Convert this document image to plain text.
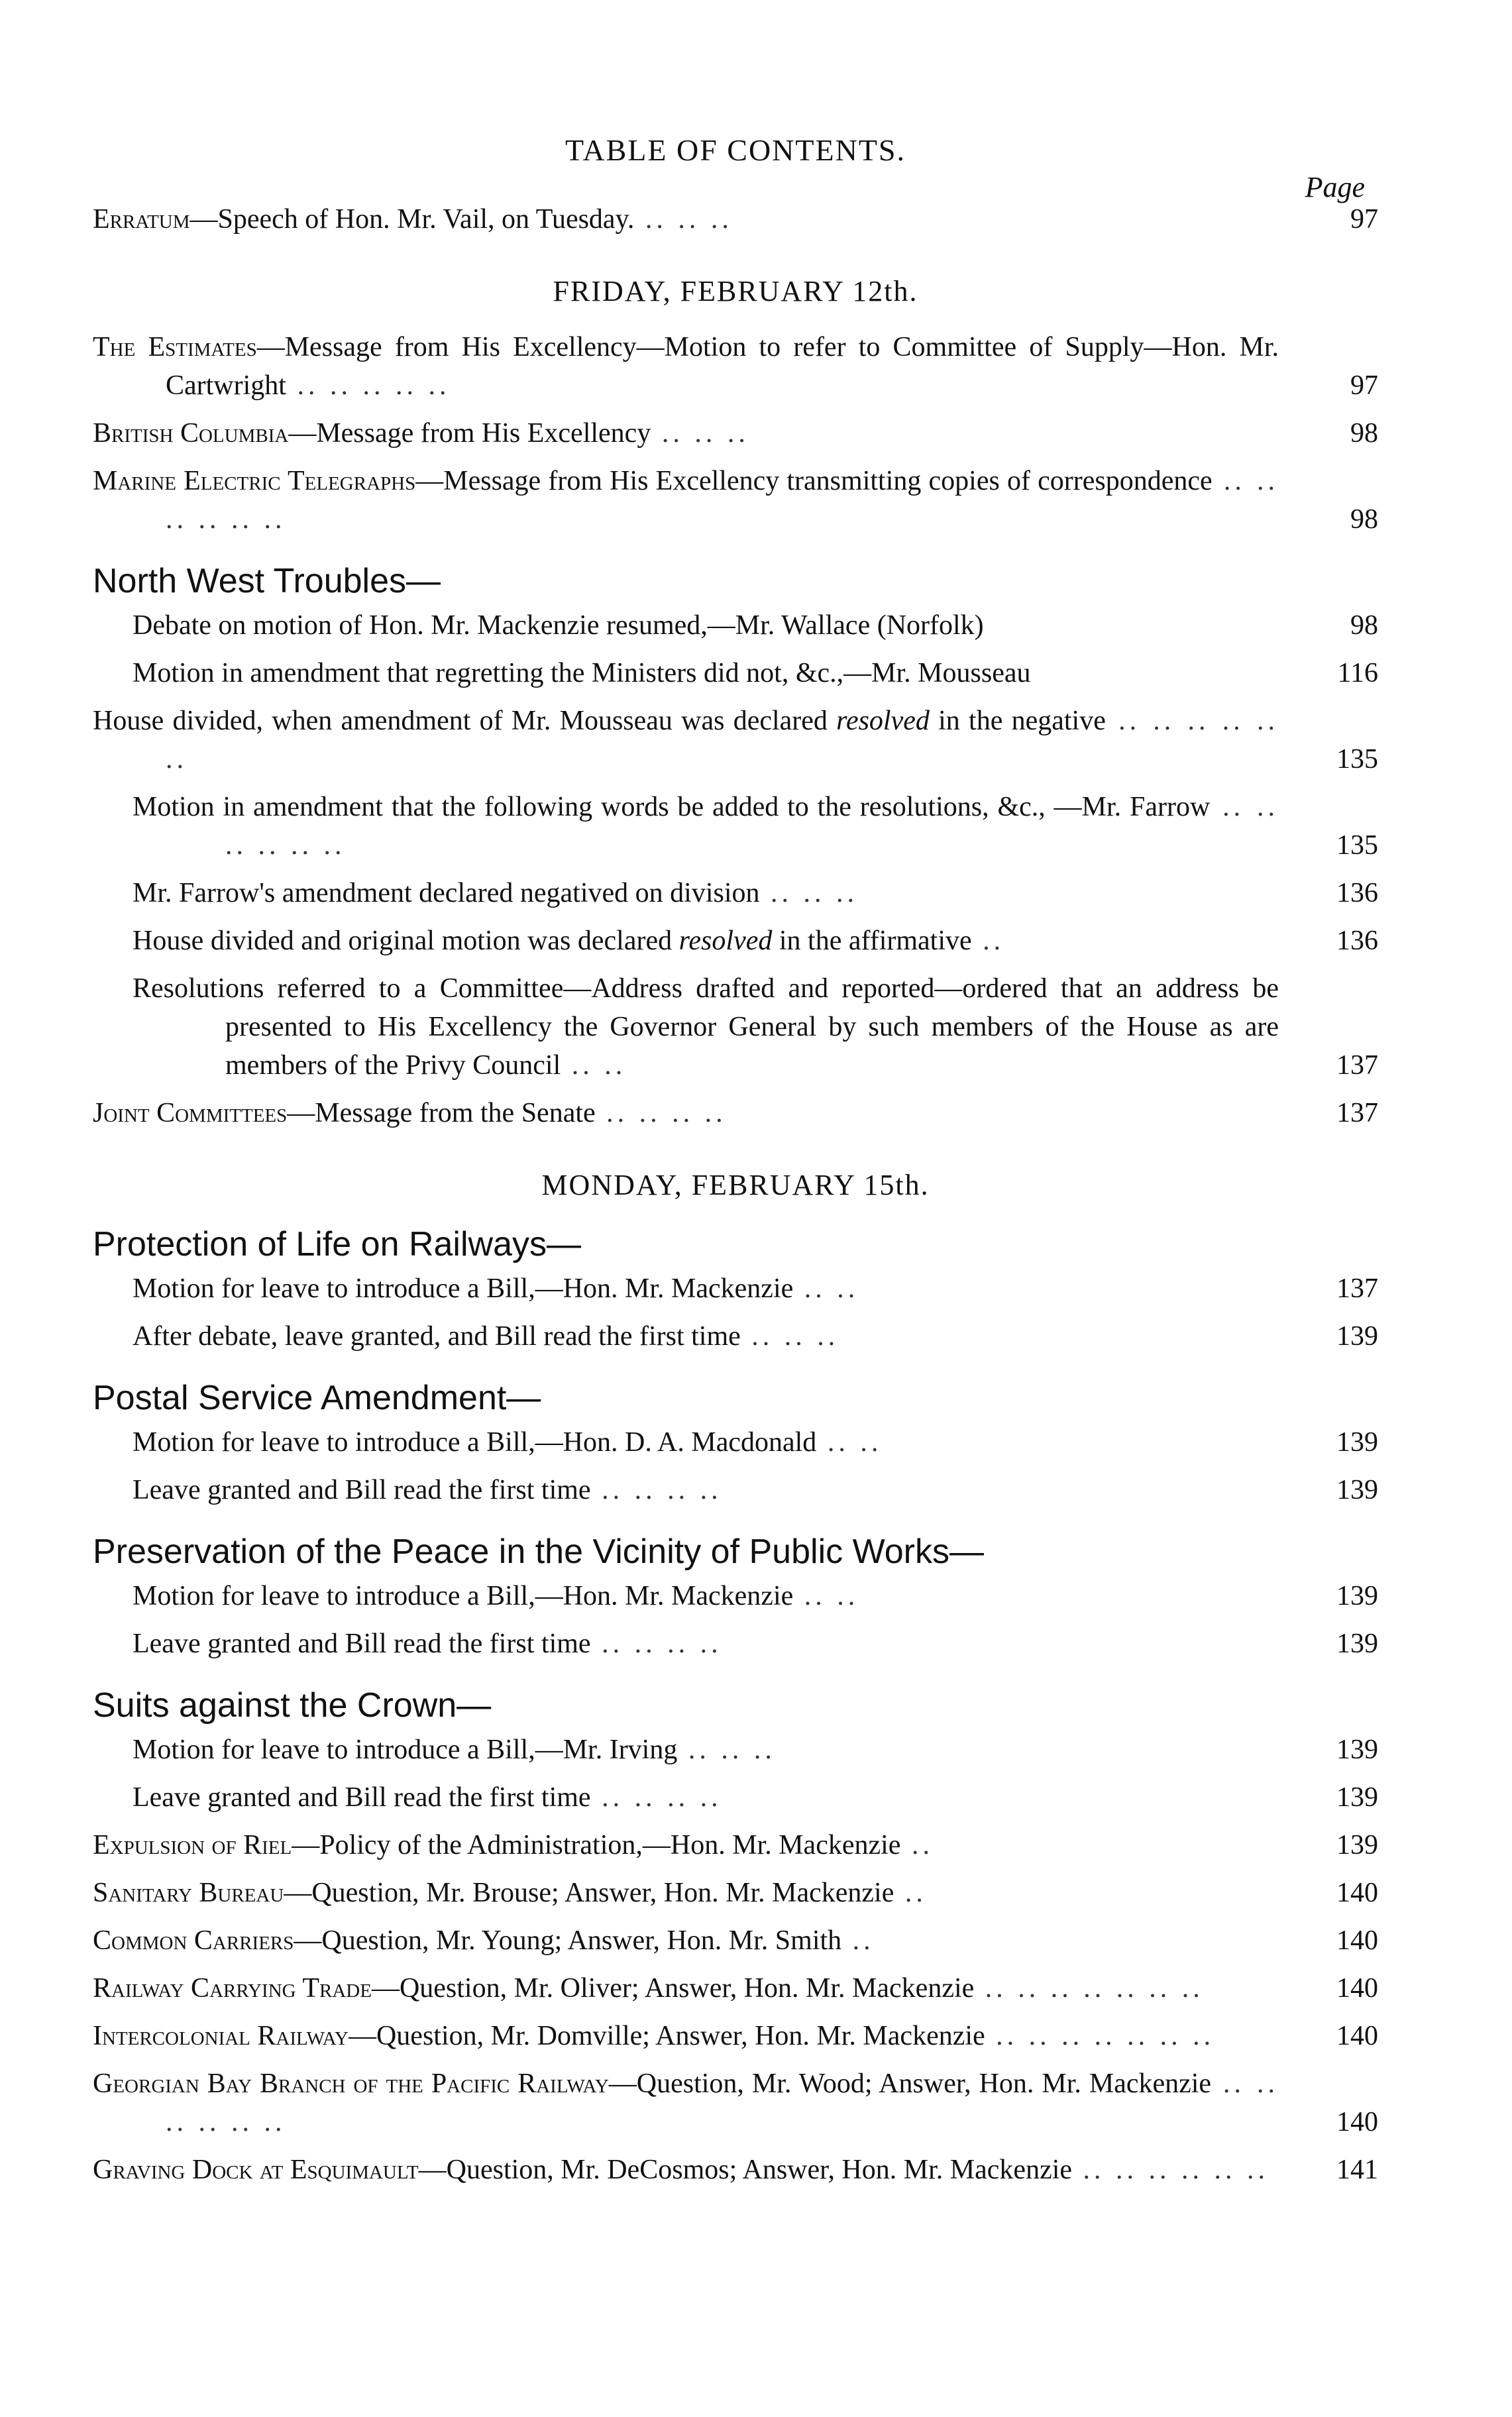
TABLE OF CONTENTS.
Page
Erratum—Speech of Hon. Mr. Vail, on Tuesday. .. .. ..	97
FRIDAY, FEBRUARY 12th.
The Estimates—Message from His Excellency—Motion to refer to Committee of Supply—Hon. Mr. Cartwright .. .. .. .. ..	97
British Columbia—Message from His Excellency .. .. ..	98
Marine Electric Telegraphs—Message from His Excellency transmitting copies of correspondence .. .. .. .. .. ..	98
North West Troubles—
Debate on motion of Hon. Mr. Mackenzie resumed,—Mr. Wallace (Norfolk)	98
Motion in amendment that regretting the Ministers did not, &c.,—Mr. Mousseau	116
House divided, when amendment of Mr. Mousseau was declared resolved in the negative .. .. .. .. .. ..	135
Motion in amendment that the following words be added to the resolutions, &c., —Mr. Farrow .. .. .. .. .. ..	135
Mr. Farrow's amendment declared negatived on division .. .. ..	136
House divided and original motion was declared resolved in the affirmative ..	136
Resolutions referred to a Committee—Address drafted and reported—ordered that an address be presented to His Excellency the Governor General by such members of the House as are members of the Privy Council .. ..	137
Joint Committees—Message from the Senate .. .. .. ..	137
MONDAY, FEBRUARY 15th.
Protection of Life on Railways—
Motion for leave to introduce a Bill,—Hon. Mr. Mackenzie .. ..	137
After debate, leave granted, and Bill read the first time .. .. ..	139
Postal Service Amendment—
Motion for leave to introduce a Bill,—Hon. D. A. Macdonald .. ..	139
Leave granted and Bill read the first time .. .. .. ..	139
Preservation of the Peace in the Vicinity of Public Works—
Motion for leave to introduce a Bill,—Hon. Mr. Mackenzie .. ..	139
Leave granted and Bill read the first time .. .. .. ..	139
Suits against the Crown—
Motion for leave to introduce a Bill,—Mr. Irving .. .. ..	139
Leave granted and Bill read the first time .. .. .. ..	139
Expulsion of Riel—Policy of the Administration,—Hon. Mr. Mackenzie ..	139
Sanitary Bureau—Question, Mr. Brouse; Answer, Hon. Mr. Mackenzie ..	140
Common Carriers—Question, Mr. Young; Answer, Hon. Mr. Smith ..	140
Railway Carrying Trade—Question, Mr. Oliver; Answer, Hon. Mr. Mackenzie .. .. .. .. .. .. ..	140
Intercolonial Railway—Question, Mr. Domville; Answer, Hon. Mr. Mackenzie .. .. .. .. .. .. ..	140
Georgian Bay Branch of the Pacific Railway—Question, Mr. Wood; Answer, Hon. Mr. Mackenzie .. .. .. .. .. ..	140
Graving Dock at Esquimault—Question, Mr. DeCosmos; Answer, Hon. Mr. Mackenzie .. .. .. .. .. ..	141
